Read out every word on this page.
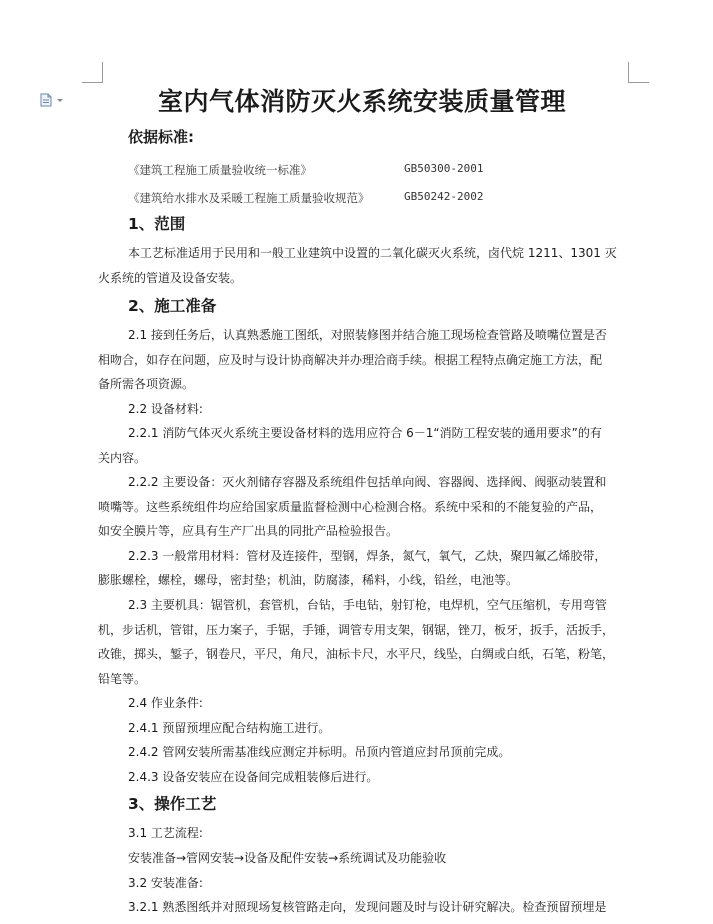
室内气体消防灭火系统安装质量管理
依据标准:
《建筑工程施工质量验收统一标准》	GB50300-2001
《建筑给水排水及采暖工程施工质量验收规范》	GB50242-2002
1、范围
本工艺标准适用于民用和一般工业建筑中设置的二氧化碳灭火系统，卤代烷 1211、1301 灭
火系统的管道及设备安装。
2、施工准备
2.1 接到任务后，认真熟悉施工图纸，对照装修图并结合施工现场检查管路及喷嘴位置是否
相吻合，如存在问题，应及时与设计协商解决并办理洽商手续。根据工程特点确定施工方法，配
备所需各项资源。
2.2 设备材料:
2.2.1 消防气体灭火系统主要设备材料的选用应符合 6－1“消防工程安装的通用要求”的有
关内容。
2.2.2 主要设备：灭火剂储存容器及系统组件包括单向阀、容器阀、选择阀、阀驱动装置和
喷嘴等。这些系统组件均应给国家质量监督检测中心检测合格。系统中采和的不能复验的产品，
如安全膜片等，应具有生产厂出具的同批产品检验报告。
2.2.3 一般常用材料：管材及连接件，型钢，焊条，氮气，氧气，乙炔，聚四氟乙烯胶带，
膨胀螺栓，螺栓，螺母，密封垫；机油，防腐漆，稀料，小线，铅丝，电池等。
2.3 主要机具：锯管机，套管机，台钻，手电钻，射钉枪，电焊机，空气压缩机，专用弯管
机，步话机，管钳，压力案子，手锯，手锤，调管专用支架，钢锯，锉刀，板牙，扳手，活扳手，
改锥，掷头，錾子，钢卷尺，平尺，角尺，油标卡尺，水平尺，线坠，白绸或白纸，石笔，粉笔，
铅笔等。
2.4 作业条件:
2.4.1 预留预埋应配合结构施工进行。
2.4.2 管网安装所需基准线应测定并标明。吊顶内管道应封吊顶前完成。
2.4.3 设备安装应在设备间完成粗装修后进行。
3、操作工艺
3.1 工艺流程:
安装准备→管网安装→设备及配件安装→系统调试及功能验收
3.2 安装准备:
3.2.1 熟悉图纸并对照现场复核管路走向，发现问题及时与设计研究解决。检查预留预埋是
